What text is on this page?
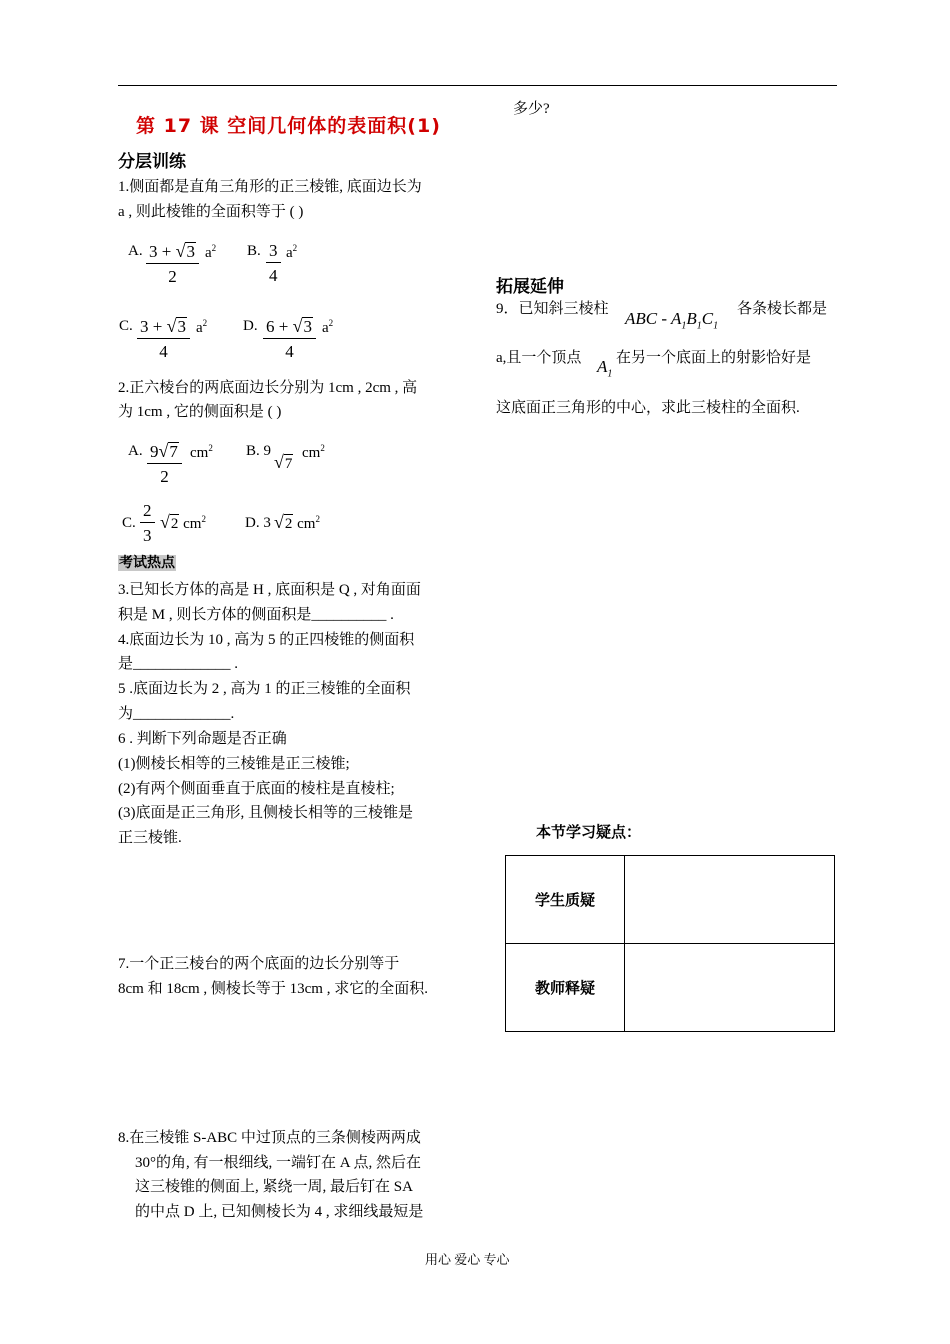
第 17 课 空间几何体的表面积(1)
分层训练
1.侧面都是直角三角形的正三棱锥, 底面边长为
a , 则此棱锥的全面积等于 ( )
A. $\frac{3 + √3}{2} a^2$ B. $\frac{3}{4} a^2$
C. $\frac{3 + √3}{4} a^2$ D. $\frac{6 + √3}{4} a^2$
2.正六棱台的两底面边长分别为 1cm , 2cm , 高
为 1cm , 它的侧面积是 ( )
A. $\frac{9√7}{2} cm^2$ B. 9
√7
$cm^2$
C. $\frac{2}{3} √2$ $cm^2$	D. 3 √2 $cm^2$
考试热点
3.已知长方体的高是 H , 底面积是 Q , 对角面面
积是 M , 则长方体的侧面积是__________ .
4.底面边长为 10 , 高为 5 的正四棱锥的侧面积
是_____________ .
5 .底面边长为 2 , 高为 1 的正三棱锥的全面积
为_____________.
6 . 判断下列命题是否正确
(1)侧棱长相等的三棱锥是正三棱锥;
(2)有两个侧面垂直于底面的棱柱是直棱柱;
(3)底面是正三角形, 且侧棱长相等的三棱锥是
正三棱锥.
7.一个正三棱台的两个底面的边长分别等于
8cm 和 18cm , 侧棱长等于 13cm , 求它的全面积.
8.在三棱锥 S-ABC 中过顶点的三条侧棱两两成
30°的角, 有一根细线, 一端钉在 A 点, 然后在
这三棱锥的侧面上, 紧绕一周, 最后钉在 SA
的中点 D 上, 已知侧棱长为 4 , 求细线最短是
多少?
拓展延伸
9．已知斜三棱柱 ABC - $A_1B_1C_1$
各条棱长都是
a,且一个顶点 $A_1$
在另一个底面上的射影恰好是
这底面正三角形的中心，求此三棱柱的全面积.
本节学习疑点：
学生质疑	
教师释疑	
用心 爱心 专心
